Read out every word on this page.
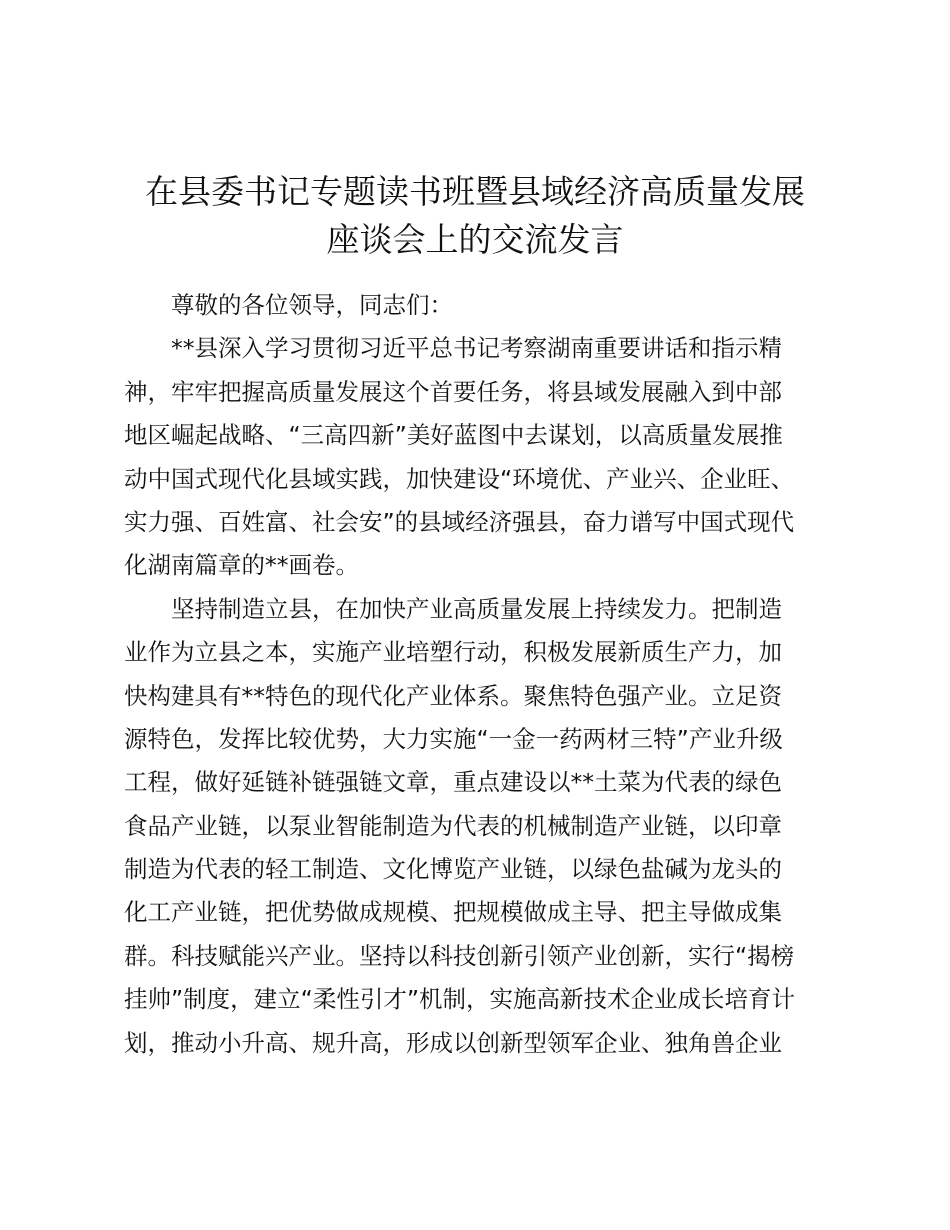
在县委书记专题读书班暨县域经济高质量发展
座谈会上的交流发言

尊敬的各位领导，同志们：

**县深入学习贯彻习近平总书记考察湖南重要讲话和指示精
神，牢牢把握高质量发展这个首要任务，将县域发展融入到中部
地区崛起战略、“三高四新”美好蓝图中去谋划，以高质量发展推
动中国式现代化县域实践，加快建设“环境优、产业兴、企业旺、
实力强、百姓富、社会安”的县域经济强县，奋力谱写中国式现代
化湖南篇章的**画卷。

坚持制造立县，在加快产业高质量发展上持续发力。把制造
业作为立县之本，实施产业培塑行动，积极发展新质生产力，加
快构建具有**特色的现代化产业体系。聚焦特色强产业。立足资
源特色，发挥比较优势，大力实施“一金一药两材三特”产业升级
工程，做好延链补链强链文章，重点建设以**土菜为代表的绿色
食品产业链，以泵业智能制造为代表的机械制造产业链，以印章
制造为代表的轻工制造、文化博览产业链，以绿色盐碱为龙头的
化工产业链，把优势做成规模、把规模做成主导、把主导做成集
群。科技赋能兴产业。坚持以科技创新引领产业创新，实行“揭榜
挂帅”制度，建立“柔性引才”机制，实施高新技术企业成长培育计
划，推动小升高、规升高，形成以创新型领军企业、独角兽企业
